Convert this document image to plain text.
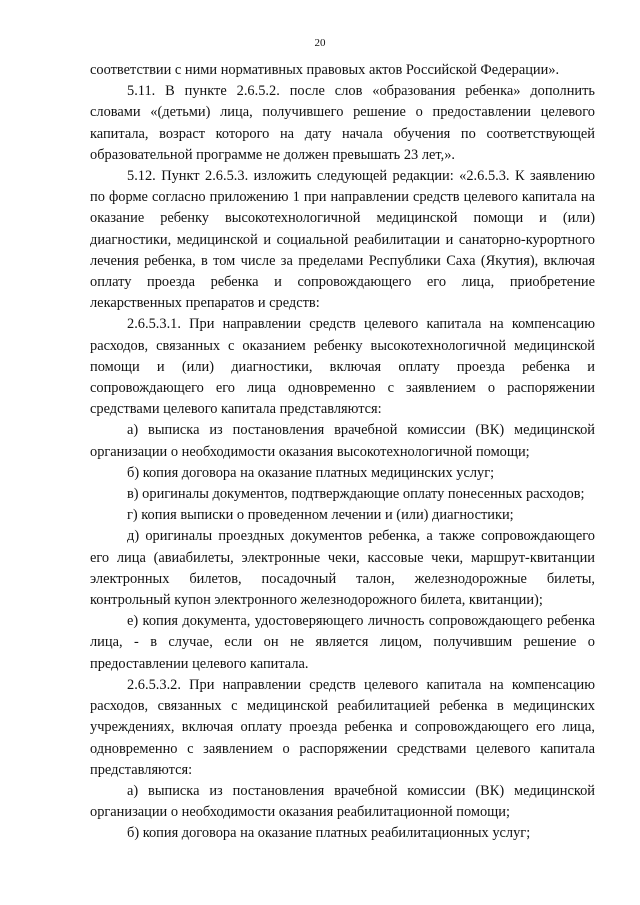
20

соответствии с ними нормативных правовых актов Российской Федерации».

5.11. В пункте 2.6.5.2. после слов «образования ребенка» дополнить словами «(детьми) лица, получившего решение о предоставлении целевого капитала, возраст которого на дату начала обучения по соответствующей образовательной программе не должен превышать 23 лет,».

5.12. Пункт 2.6.5.3. изложить следующей редакции: «2.6.5.3. К заявлению по форме согласно приложению 1 при направлении средств целевого капитала на оказание ребенку высокотехнологичной медицинской помощи и (или) диагностики, медицинской и социальной реабилитации и санаторно-курортного лечения ребенка, в том числе за пределами Республики Саха (Якутия), включая оплату проезда ребенка и сопровождающего его лица, приобретение лекарственных препаратов и средств:

2.6.5.3.1. При направлении средств целевого капитала на компенсацию расходов, связанных с оказанием ребенку высокотехнологичной медицинской помощи и (или) диагностики, включая оплату проезда ребенка и сопровождающего его лица одновременно с заявлением о распоряжении средствами целевого капитала представляются:

а) выписка из постановления врачебной комиссии (ВК) медицинской организации о необходимости оказания высокотехнологичной помощи;

б) копия договора на оказание платных медицинских услуг;

в) оригиналы документов, подтверждающие оплату понесенных расходов;

г) копия выписки о проведенном лечении и (или) диагностики;

д) оригиналы проездных документов ребенка, а также сопровождающего его лица (авиабилеты, электронные чеки, кассовые чеки, маршрут-квитанции электронных билетов, посадочный талон, железнодорожные билеты, контрольный купон электронного железнодорожного билета, квитанции);

е) копия документа, удостоверяющего личность сопровождающего ребенка лица, - в случае, если он не является лицом, получившим решение о предоставлении целевого капитала.

2.6.5.3.2. При направлении средств целевого капитала на компенсацию расходов, связанных с медицинской реабилитацией ребенка в медицинских учреждениях, включая оплату проезда ребенка и сопровождающего его лица, одновременно с заявлением о распоряжении средствами целевого капитала представляются:

а) выписка из постановления врачебной комиссии (ВК) медицинской организации о необходимости оказания реабилитационной помощи;

б) копия договора на оказание платных реабилитационных услуг;
